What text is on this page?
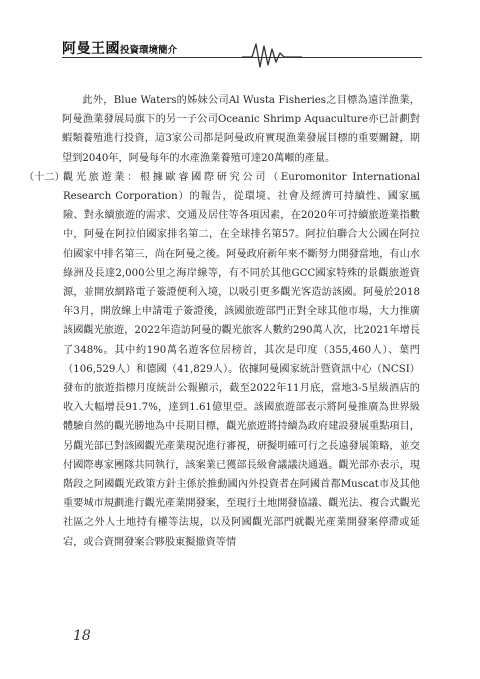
阿曼王國投資環境簡介

此外，Blue Waters的姊妹公司Al Wusta Fisheries之目標為遠洋漁業，阿曼漁業發展局旗下的另一子公司Oceanic Shrimp Aquaculture亦已計劃對蝦類養殖進行投資，這3家公司都是阿曼政府實現漁業發展目標的重要關鍵，期望到2040年，阿曼每年的水產漁業養殖可達20萬噸的產量。

（十二）
觀光旅遊業：根據歐睿國際研究公司（Euromonitor International Research Corporation）的報告，從環境、社會及經濟可持續性、國家風險、對永續旅遊的需求、交通及居住等各項因素，在2020年可持續旅遊業指數中，阿曼在阿拉伯國家排名第二，在全球排名第57。阿拉伯聯合大公國在阿拉伯國家中排名第三，尚在阿曼之後。阿曼政府新年來不斷努力開發當地，有山水綠洲及長達2,000公里之海岸線等，有不同於其他GCC國家特殊的景觀旅遊資源，並開放網路電子簽證便利入境，以吸引更多觀光客造訪該國。阿曼於2018年3月，開放線上申請電子簽證後，該國旅遊部門正對全球其他市場，大力推廣該國觀光旅遊，2022年造訪阿曼的觀光旅客人數約290萬人次，比2021年增長了348%。其中約190萬名遊客位居榜首，其次是印度（355,460人）、葉門（106,529人）和德國（41,829人）。依據阿曼國家統計暨資訊中心（NCSI）發布的旅遊指標月度統計公報顯示，截至2022年11月底，當地3-5星級酒店的收入大幅增長91.7%，達到1.61億里亞。該國旅遊部表示將阿曼推廣為世界級體驗自然的觀光勝地為中長期目標，觀光旅遊將持續為政府建設發展重點項目，另觀光部已對該國觀光產業現況進行審視，研擬明確可行之長遠發展策略，並交付國際專家團隊共同執行，該案業已獲部長級會議議決通過。觀光部亦表示，現階段之阿國觀光政策方針主係於推動國內外投資者在阿國首都Muscat市及其他重要城市規劃進行觀光產業開發案，至現行土地開發協議、觀光法、複合式觀光社區之外人土地持有權等法規，以及阿國觀光部門就觀光產業開發案停滯或延宕，或合資開發案合夥股東擬撤資等情
18
